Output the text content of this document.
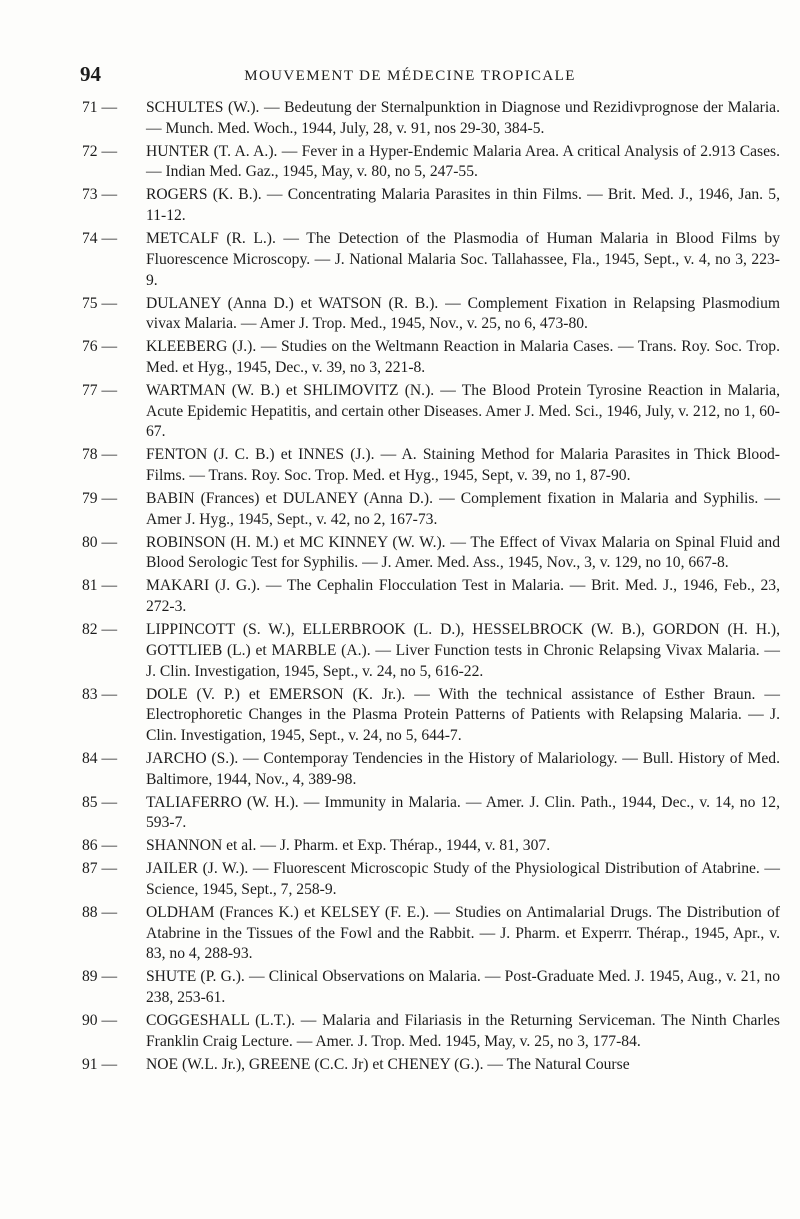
94	MOUVEMENT DE MÉDECINE TROPICALE
71 —	SCHULTES (W.). — Bedeutung der Sternalpunktion in Diagnose und Rezidivprognose der Malaria. — Munch. Med. Woch., 1944, July, 28, v. 91, nos 29-30, 384-5.
72 —	HUNTER (T. A. A.). — Fever in a Hyper-Endemic Malaria Area. A critical Analysis of 2.913 Cases. — Indian Med. Gaz., 1945, May, v. 80, no 5, 247-55.
73 —	ROGERS (K. B.). — Concentrating Malaria Parasites in thin Films. — Brit. Med. J., 1946, Jan. 5, 11-12.
74 —	METCALF (R. L.). — The Detection of the Plasmodia of Human Malaria in Blood Films by Fluorescence Microscopy. — J. National Malaria Soc. Tallahassee, Fla., 1945, Sept., v. 4, no 3, 223-9.
75 —	DULANEY (Anna D.) et WATSON (R. B.). — Complement Fixation in Relapsing Plasmodium vivax Malaria. — Amer J. Trop. Med., 1945, Nov., v. 25, no 6, 473-80.
76 —	KLEEBERG (J.). — Studies on the Weltmann Reaction in Malaria Cases. — Trans. Roy. Soc. Trop. Med. et Hyg., 1945, Dec., v. 39, no 3, 221-8.
77 —	WARTMAN (W. B.) et SHLIMOVITZ (N.). — The Blood Protein Tyrosine Reaction in Malaria, Acute Epidemic Hepatitis, and certain other Diseases. Amer J. Med. Sci., 1946, July, v. 212, no 1, 60-67.
78 —	FENTON (J. C. B.) et INNES (J.). — A. Staining Method for Malaria Parasites in Thick Blood-Films. — Trans. Roy. Soc. Trop. Med. et Hyg., 1945, Sept, v. 39, no 1, 87-90.
79 —	BABIN (Frances) et DULANEY (Anna D.). — Complement fixation in Malaria and Syphilis. — Amer J. Hyg., 1945, Sept., v. 42, no 2, 167-73.
80 —	ROBINSON (H. M.) et MC KINNEY (W. W.). — The Effect of Vivax Malaria on Spinal Fluid and Blood Serologic Test for Syphilis. — J. Amer. Med. Ass., 1945, Nov., 3, v. 129, no 10, 667-8.
81 —	MAKARI (J. G.). — The Cephalin Flocculation Test in Malaria. — Brit. Med. J., 1946, Feb., 23, 272-3.
82 —	LIPPINCOTT (S. W.), ELLERBROOK (L. D.), HESSELBROCK (W. B.), GORDON (H. H.), GOTTLIEB (L.) et MARBLE (A.). — Liver Function tests in Chronic Relapsing Vivax Malaria. — J. Clin. Investigation, 1945, Sept., v. 24, no 5, 616-22.
83 —	DOLE (V. P.) et EMERSON (K. Jr.). — With the technical assistance of Esther Braun. — Electrophoretic Changes in the Plasma Protein Patterns of Patients with Relapsing Malaria. — J. Clin. Investigation, 1945, Sept., v. 24, no 5, 644-7.
84 —	JARCHO (S.). — Contemporay Tendencies in the History of Malariology. — Bull. History of Med. Baltimore, 1944, Nov., 4, 389-98.
85 —	TALIAFERRO (W. H.). — Immunity in Malaria. — Amer. J. Clin. Path., 1944, Dec., v. 14, no 12, 593-7.
86 —	SHANNON et al. — J. Pharm. et Exp. Thérap., 1944, v. 81, 307.
87 —	JAILER (J. W.). — Fluorescent Microscopic Study of the Physiological Distribution of Atabrine. — Science, 1945, Sept., 7, 258-9.
88 —	OLDHAM (Frances K.) et KELSEY (F. E.). — Studies on Antimalarial Drugs. The Distribution of Atabrine in the Tissues of the Fowl and the Rabbit. — J. Pharm. et Experrr. Thérap., 1945, Apr., v. 83, no 4, 288-93.
89 —	SHUTE (P. G.). — Clinical Observations on Malaria. — Post-Graduate Med. J. 1945, Aug., v. 21, no 238, 253-61.
90 —	COGGESHALL (L.T.). — Malaria and Filariasis in the Returning Serviceman. The Ninth Charles Franklin Craig Lecture. — Amer. J. Trop. Med. 1945, May, v. 25, no 3, 177-84.
91 —	NOE (W.L. Jr.), GREENE (C.C. Jr) et CHENEY (G.). — The Natural Course
